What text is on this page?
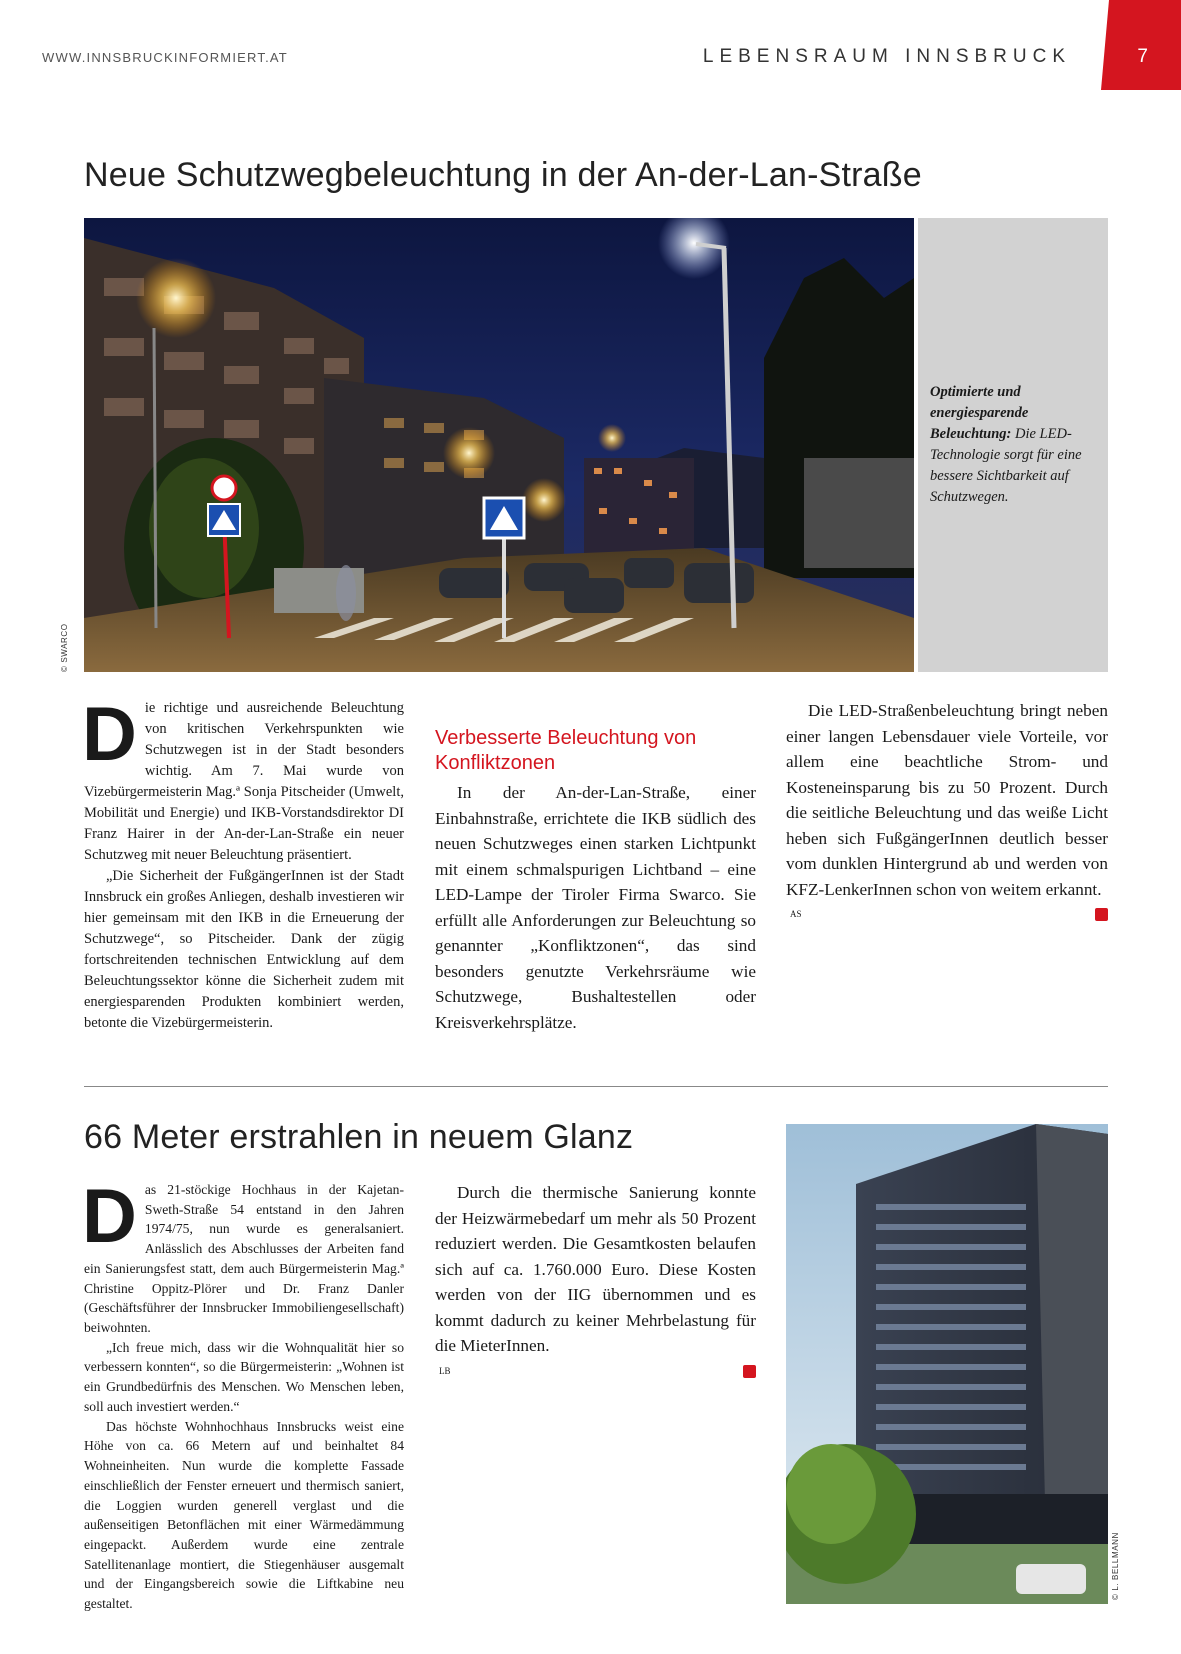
WWW.INNSBRUCKINFORMIERT.AT	LEBENSRAUM INNSBRUCK	7
Neue Schutzwegbeleuchtung in der An-der-Lan-Straße
© SWARCO
Optimierte und energiesparende Beleuchtung: Die LED-Technologie sorgt für eine bessere Sichtbarkeit auf Schutzwegen.

Die richtige und ausreichende Beleuchtung von kritischen Verkehrspunkten wie Schutzwegen ist in der Stadt besonders wichtig. Am 7. Mai wurde von Vizebürgermeisterin Mag.ª Sonja Pitscheider (Umwelt, Mobilität und Energie) und IKB-Vorstandsdirektor DI Franz Hairer in der An-der-Lan-Straße ein neuer Schutzweg mit neuer Beleuchtung präsentiert.

„Die Sicherheit der FußgängerInnen ist der Stadt Innsbruck ein großes Anliegen, deshalb investieren wir hier gemeinsam mit den IKB in die Erneuerung der Schutzwege“, so Pitscheider. Dank der zügig fortschreitenden technischen Entwicklung auf dem Beleuchtungssektor könne die Sicherheit zudem mit energiesparenden Produkten kombiniert werden, betonte die Vizebürgermeisterin.

Verbesserte Beleuchtung von Konfliktzonen

In der An-der-Lan-Straße, einer Einbahnstraße, errichtete die IKB südlich des neuen Schutzweges einen starken Lichtpunkt mit einem schmalspurigen Lichtband – eine LED-Lampe der Tiroler Firma Swarco. Sie erfüllt alle Anforderungen zur Beleuchtung so genannter „Konfliktzonen“, das sind besonders genutzte Verkehrsräume wie Schutzwege, Bushaltestellen oder Kreisverkehrsplätze.

66 Meter erstrahlen in neuem Glanz
© L. BELLMANN

Das 21-stöckige Hochhaus in der Kajetan-Sweth-Straße 54 entstand in den Jahren 1974/75, nun wurde es generalsaniert. Anlässlich des Abschlusses der Arbeiten fand ein Sanierungsfest statt, dem auch Bürgermeisterin Mag.ª Christine Oppitz-Plörer und Dr. Franz Danler (Geschäftsführer der Innsbrucker Immobiliengesellschaft) beiwohnten.

„Ich freue mich, dass wir die Wohnqualität hier so verbessern konnten“, so die Bürgermeisterin: „Wohnen ist ein Grundbedürfnis des Menschen. Wo Menschen leben, soll auch investiert werden.“

Das höchste Wohnhochhaus Innsbrucks weist eine Höhe von ca. 66 Metern auf und beinhaltet 84 Wohneinheiten. Nun wurde die komplette Fassade einschließlich der Fenster erneuert und thermisch saniert, die Loggien wurden generell verglast und die außenseitigen Betonflächen mit einer Wärmedämmung eingepackt. Außerdem wurde eine zentrale Satellitenanlage montiert, die Stiegenhäuser ausgemalt und der Eingangsbereich sowie die Liftkabine neu gestaltet.

Durch die thermische Sanierung konnte der Heizwärmebedarf um mehr als 50 Prozent reduziert werden. Die Gesamtkosten belaufen sich auf ca. 1.760.000 Euro. Diese Kosten werden von der IIG übernommen und es kommt dadurch zu keiner Mehrbelastung für die MieterInnen.

$^{LB}$

Die LED-Straßenbeleuchtung bringt neben einer langen Lebensdauer viele Vorteile, vor allem eine beachtliche Strom- und Kosteneinsparung bis zu 50 Prozent. Durch die seitliche Beleuchtung und das weiße Licht heben sich FußgängerInnen deutlich besser vom dunklen Hintergrund ab und werden von KFZ-LenkerInnen schon von weitem erkannt.

$^{AS}$
